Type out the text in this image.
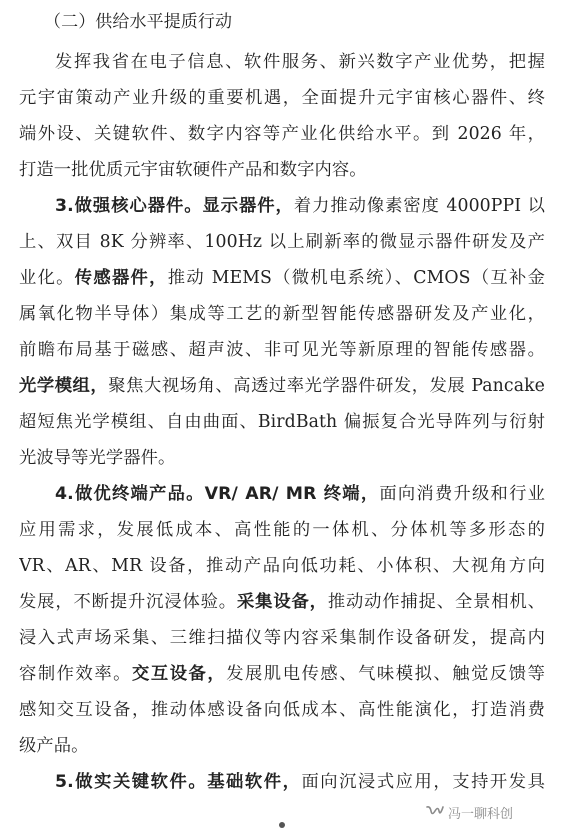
（二）供给水平提质行动
发挥我省在电子信息、软件服务、新兴数字产业优势，把握
元宇宙策动产业升级的重要机遇，全面提升元宇宙核心器件、终
端外设、关键软件、数字内容等产业化供给水平。到 2026 年，
打造一批优质元宇宙软硬件产品和数字内容。
3.做强核心器件。显示器件，着力推动像素密度 4000PPI 以
上、双目 8K 分辨率、100Hz 以上刷新率的微显示器件研发及产
业化。传感器件，推动 MEMS（微机电系统）、CMOS（互补金
属氧化物半导体）集成等工艺的新型智能传感器研发及产业化，
前瞻布局基于磁感、超声波、非可见光等新原理的智能传感器。
光学模组，聚焦大视场角、高透过率光学器件研发，发展 Pancake
超短焦光学模组、自由曲面、BirdBath 偏振复合光导阵列与衍射
光波导等光学器件。
4.做优终端产品。VR/ AR/ MR 终端，面向消费升级和行业
应用需求，发展低成本、高性能的一体机、分体机等多形态的
VR、AR、MR 设备，推动产品向低功耗、小体积、大视角方向
发展，不断提升沉浸体验。采集设备，推动动作捕捉、全景相机、
浸入式声场采集、三维扫描仪等内容采集制作设备研发，提高内
容制作效率。交互设备，发展肌电传感、气味模拟、触觉反馈等
感知交互设备，推动体感设备向低成本、高性能演化，打造消费
级产品。
5.做实关键软件。基础软件，面向沉浸式应用，支持开发具
冯一聊科创
